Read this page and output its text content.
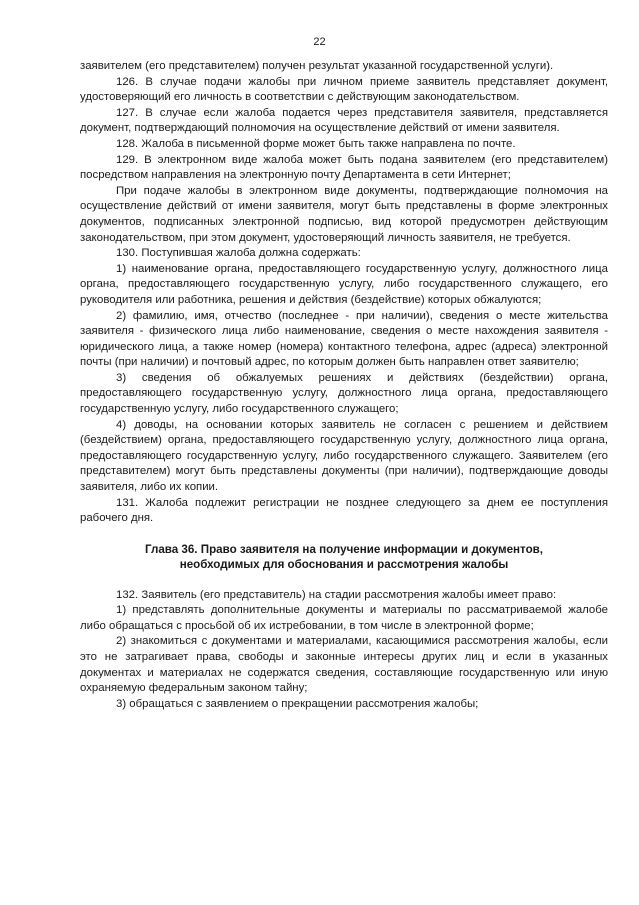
22

заявителем (его представителем) получен результат указанной государственной услуги).

126. В случае подачи жалобы при личном приеме заявитель представляет документ, удостоверяющий его личность в соответствии с действующим законодательством.

127. В случае если жалоба подается через представителя заявителя, представляется документ, подтверждающий полномочия на осуществление действий от имени заявителя.

128. Жалоба в письменной форме может быть также направлена по почте.

129. В электронном виде жалоба может быть подана заявителем (его представителем) посредством направления на электронную почту Департамента в сети Интернет;

При подаче жалобы в электронном виде документы, подтверждающие полномочия на осуществление действий от имени заявителя, могут быть представлены в форме электронных документов, подписанных электронной подписью, вид которой предусмотрен действующим законодательством, при этом документ, удостоверяющий личность заявителя, не требуется.

130. Поступившая жалоба должна содержать:

1) наименование органа, предоставляющего государственную услугу, должностного лица органа, предоставляющего государственную услугу, либо государственного служащего, его руководителя или работника, решения и действия (бездействие) которых обжалуются;

2) фамилию, имя, отчество (последнее - при наличии), сведения о месте жительства заявителя - физического лица либо наименование, сведения о месте нахождения заявителя - юридического лица, а также номер (номера) контактного телефона, адрес (адреса) электронной почты (при наличии) и почтовый адрес, по которым должен быть направлен ответ заявителю;

3) сведения об обжалуемых решениях и действиях (бездействии) органа, предоставляющего государственную услугу, должностного лица органа, предоставляющего государственную услугу, либо государственного служащего;

4) доводы, на основании которых заявитель не согласен с решением и действием (бездействием) органа, предоставляющего государственную услугу, должностного лица органа, предоставляющего государственную услугу, либо государственного служащего. Заявителем (его представителем) могут быть представлены документы (при наличии), подтверждающие доводы заявителя, либо их копии.

131. Жалоба подлежит регистрации не позднее следующего за днем ее поступления рабочего дня.

Глава 36. Право заявителя на получение информации и документов,
необходимых для обоснования и рассмотрения жалобы

132. Заявитель (его представитель) на стадии рассмотрения жалобы имеет право:

1) представлять дополнительные документы и материалы по рассматриваемой жалобе либо обращаться с просьбой об их истребовании, в том числе в электронной форме;

2) знакомиться с документами и материалами, касающимися рассмотрения жалобы, если это не затрагивает права, свободы и законные интересы других лиц и если в указанных документах и материалах не содержатся сведения, составляющие государственную или иную охраняемую федеральным законом тайну;

3) обращаться с заявлением о прекращении рассмотрения жалобы;
